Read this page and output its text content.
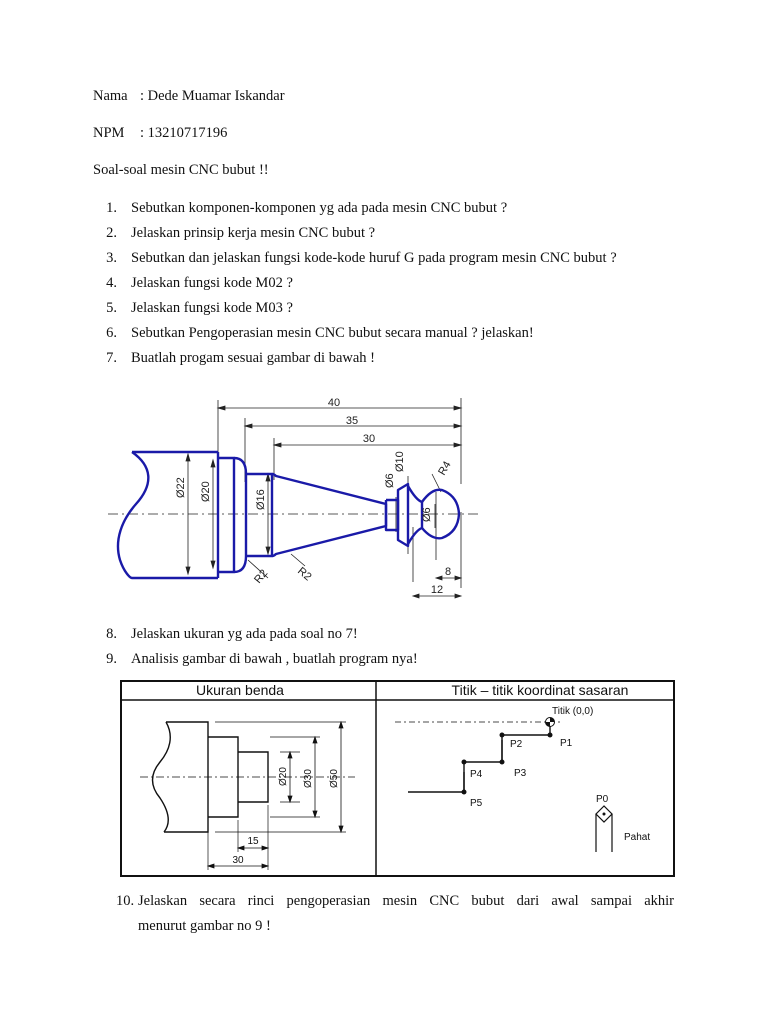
Nama : Dede Muamar Iskandar
NPM : 13210717196
Soal-soal mesin CNC bubut !!
1. Sebutkan komponen-komponen yg ada pada mesin CNC bubut ?
2. Jelaskan prinsip kerja mesin CNC bubut ?
3. Sebutkan dan jelaskan fungsi kode-kode huruf G pada program mesin CNC bubut ?
4. Jelaskan fungsi kode M02 ?
5. Jelaskan fungsi kode M03 ?
6. Sebutkan Pengoperasian mesin CNC bubut secara manual ? jelaskan!
7. Buatlah progam sesuai gambar di bawah !
40
35
30
Ø22 Ø20	Ø16
Ø6
Ø10
Ø6
R4
R2 R2	8
12
8. Jelaskan ukuran yg ada pada soal no 7!
9. Analisis gambar di bawah , buatlah program nya!
Ukuran benda	Titik – titik koordinat sasaran
Ø20 Ø30 Ø50
15
30
Titik (0,0)
P1
P2
P3
P4
P5	P0
Pahat
10. Jelaskan secara rinci pengoperasian mesin CNC bubut dari awal sampai akhir
menurut gambar no 9 !
